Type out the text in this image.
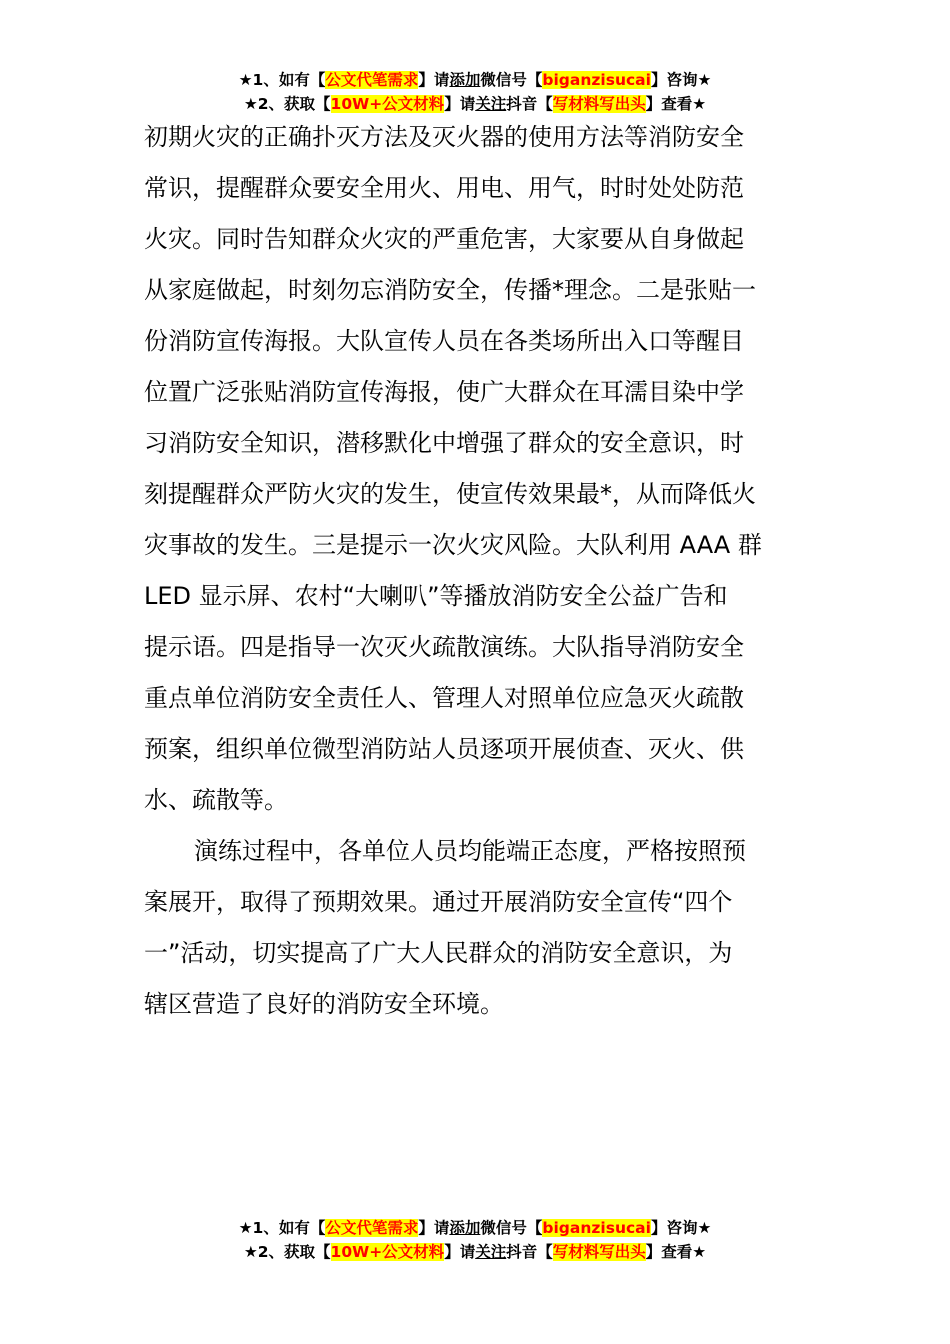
★1、如有【公文代笔需求】请添加微信号【biganzisucai】咨询★
★2、获取【10W+公文材料】请关注抖音【写材料写出头】查看★
初期火灾的正确扑灭方法及灭火器的使用方法等消防安全
常识，提醒群众要安全用火、用电、用气，时时处处防范
火灾。同时告知群众火灾的严重危害，大家要从自身做起
从家庭做起，时刻勿忘消防安全，传播*理念。二是张贴一
份消防宣传海报。大队宣传人员在各类场所出入口等醒目
位置广泛张贴消防宣传海报，使广大群众在耳濡目染中学
习消防安全知识，潜移默化中增强了群众的安全意识，时
刻提醒群众严防火灾的发生，使宣传效果最*，从而降低火
灾事故的发生。三是提示一次火灾风险。大队利用 AAA 群
LED 显示屏、农村“大喇叭”等播放消防安全公益广告和
提示语。四是指导一次灭火疏散演练。大队指导消防安全
重点单位消防安全责任人、管理人对照单位应急灭火疏散
预案，组织单位微型消防站人员逐项开展侦查、灭火、供
水、疏散等。
演练过程中，各单位人员均能端正态度，严格按照预
案展开，取得了预期效果。通过开展消防安全宣传“四个
一”活动，切实提高了广大人民群众的消防安全意识，为
辖区营造了良好的消防安全环境。
★1、如有【公文代笔需求】请添加微信号【biganzisucai】咨询★
★2、获取【10W+公文材料】请关注抖音【写材料写出头】查看★
